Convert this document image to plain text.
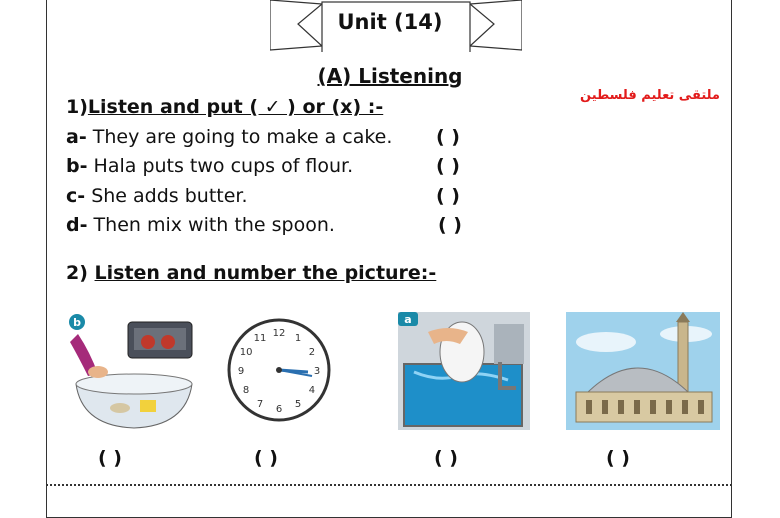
Unit (14)
(A) Listening
ملتقى تعليم فلسطين
1)Listen and put ( ✓ ) or (x) :-
a- They are going to make a cake. ( )
b- Hala puts two cups of flour.	( )
c- She adds butter.	( )
d- Then mix with the spoon.	( )
2) Listen and number the picture:-
b
12 1
2
3
4
5
6
7
8
9
10
11
a
( )	( )	( )	( )
